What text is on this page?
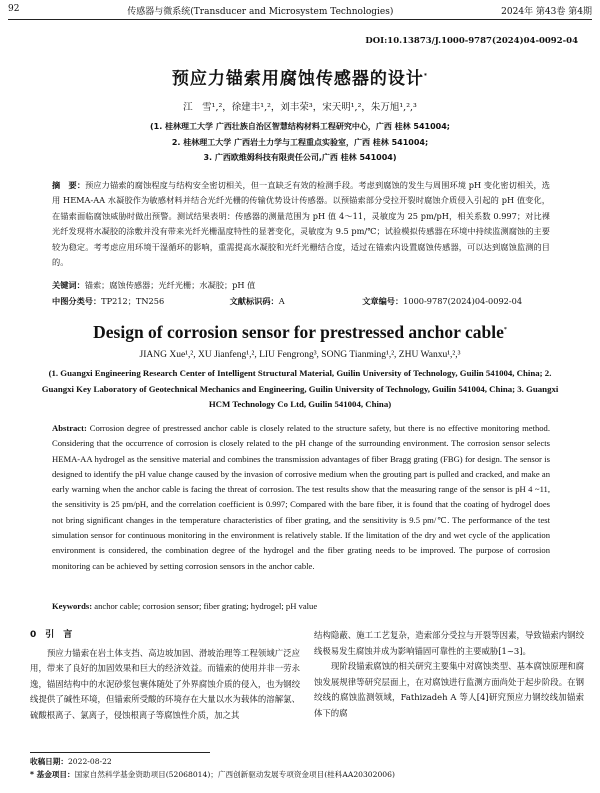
92	传感器与微系统(Transducer and Microsystem Technologies)	2024年 第43卷 第4期
DOI:10.13873/J.1000-9787(2024)04-0092-04
预应力锚索用腐蚀传感器的设计*
江　雪¹,²，徐建丰¹,²，刘丰荣³，宋天明¹,²，朱万旭¹,²,³
(1. 桂林理工大学 广西壮族自治区智慧结构材料工程研究中心，广西 桂林 541004;
2. 桂林理工大学 广西岩土力学与工程重点实验室，广西 桂林 541004;
3. 广西欧维姆科技有限责任公司,广西 桂林 541004)
摘　要：预应力锚索的腐蚀程度与结构安全密切相关，但一直缺乏有效的检测手段。考虑到腐蚀的发生与周围环境 pH 变化密切相关，选用 HEMA-AA 水凝胶作为敏感材料并结合光纤光栅的传输优势设计传感器。以预锚索部分受拉开裂时腐蚀介质侵入引起的 pH 值变化，在锚索面临腐蚀威胁时做出预警。测试结果表明：传感器的测量范围为 pH 值 4～11，灵敏度为 25 pm/pH，相关系数 0.997；对比裸光纤发现将水凝胶的涂敷并没有带来光纤光栅温度特性的显著变化，灵敏度为 9.5 pm/℃；试验模拟传感器在环境中持续监测腐蚀的主要较为稳定。考考虑应用环境干湿循环的影响，重需提高水凝胶和光纤光栅结合度，适过在锚索内设置腐蚀传感器，可以达到腐蚀监测的目的。
关键词：锚索；腐蚀传感器；光纤光栅；水凝胶；pH 值
中图分类号：TP212；TN256	文献标识码：A	文章编号：1000-9787(2024)04-0092-04
Design of corrosion sensor for prestressed anchor cable*
JIANG Xue¹,², XU Jianfeng¹,², LIU Fengrong³, SONG Tianming¹,², ZHU Wanxu¹,²,³
(1. Guangxi Engineering Research Center of Intelligent Structural Material, Guilin University of Technology, Guilin 541004, China; 2. Guangxi Key Laboratory of Geotechnical Mechanics and Engineering, Guilin University of Technology, Guilin 541004, China; 3. Guangxi HCM Technology Co Ltd, Guilin 541004, China)
Abstract: Corrosion degree of prestressed anchor cable is closely related to the structure safety, but there is no effective monitoring method. Considering that the occurrence of corrosion is closely related to the pH change of the surrounding environment. The corrosion sensor selects HEMA-AA hydrogel as the sensitive material and combines the transmission advantages of fiber Bragg grating (FBG) for design. The sensor is designed to identify the pH value change caused by the invasion of corrosive medium when the grouting part is pulled and cracked, and make an early warning when the anchor cable is facing the threat of corrosion. The test results show that the measuring range of the sensor is pH 4 ~11, the sensitivity is 25 pm/pH, and the correlation coefficient is 0.997; Compared with the bare fiber, it is found that the coating of hydrogel does not bring significant changes in the temperature characteristics of fiber grating, and the sensitivity is 9.5 pm/℃. The performance of the test simulation sensor for continuous monitoring in the environment is relatively stable. If the limitation of the dry and wet cycle of the application environment is considered, the combination degree of the hydrogel and the fiber grating needs to be improved. The purpose of corrosion monitoring can be achieved by setting corrosion sensors in the anchor cable.
Keywords: anchor cable; corrosion sensor; fiber grating; hydrogel; pH value
0　引　言
预应力锚索在岩土体支挡、高边坡加固、滑坡治理等工程领域广泛应用，带来了良好的加固效果和巨大的经济效益。而锚索的使用并非一劳永逸，锚固结构中的水泥砂浆包裹体随处了外界腐蚀介质的侵入，也为钢绞线提供了碱性环境，但锚索所受酸的环境存在大量以水为载体的溶解氯、硫酸根离子、氯离子，侵蚀根离子等腐蚀性介质，加之其
结构隐蔽、施工工艺复杂，造索部分受拉与开裂等因素，导致锚索内钢绞线极易发生腐蚀并成为影响锚固可靠性的主要威胁[1~3]。
现阶段锚索腐蚀的相关研究主要集中对腐蚀类型、基本腐蚀原理和腐蚀发展规律等研究层面上，在对腐蚀进行监测方面尚处于起步阶段。在钢绞线的腐蚀监测领域，Fathizadeh A 等人[4]研究预应力钢绞线加锚索体下的腐
收稿日期：2022-08-22
* 基金项目：国家自然科学基金资助项目(52068014)；广西创新驱动发展专项资金项目(桂科AA20302006)
